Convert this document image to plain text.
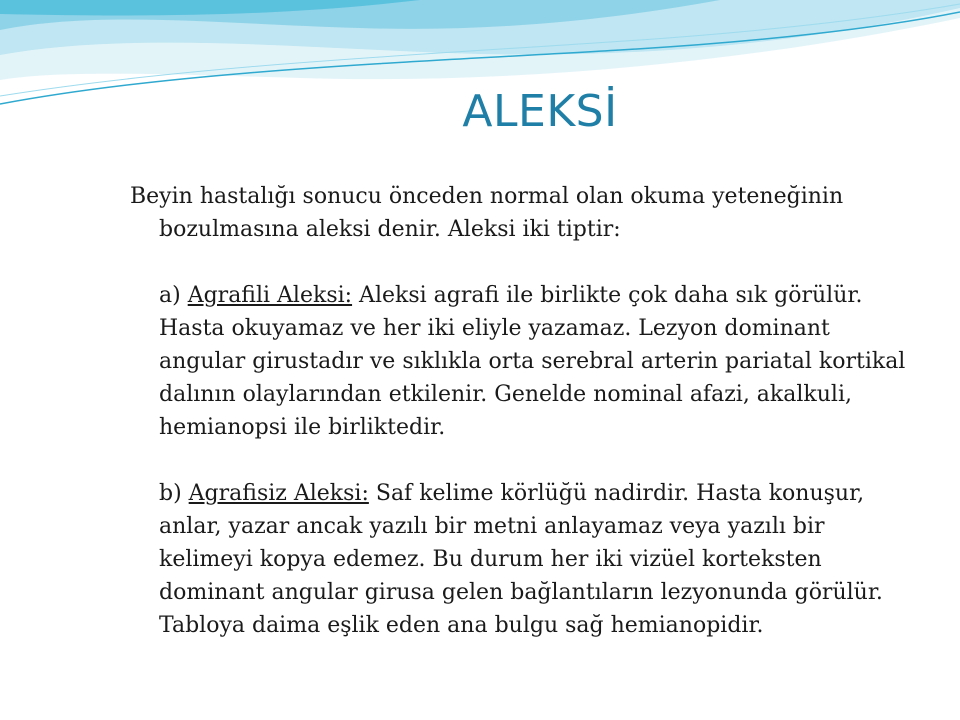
ALEKSİ

Beyin hastalığı sonucu önceden normal olan okuma yeteneğinin bozulmasına aleksi denir. Aleksi iki tiptir:

a) Agrafili Aleksi: Aleksi agrafi ile birlikte çok daha sık görülür. Hasta okuyamaz ve her iki eliyle yazamaz. Lezyon dominant angular girustadır ve sıklıkla orta serebral arterin pariatal kortikal dalının olaylarından etkilenir. Genelde nominal afazi, akalkuli, hemianopsi ile birliktedir.

b) Agrafisiz Aleksi: Saf kelime körlüğü nadirdir. Hasta konuşur, anlar, yazar ancak yazılı bir metni anlayamaz veya yazılı bir kelimeyi kopya edemez. Bu durum her iki vizüel korteksten dominant angular girusa gelen bağlantıların lezyonunda görülür. Tabloya daima eşlik eden ana bulgu sağ hemianopidir.
